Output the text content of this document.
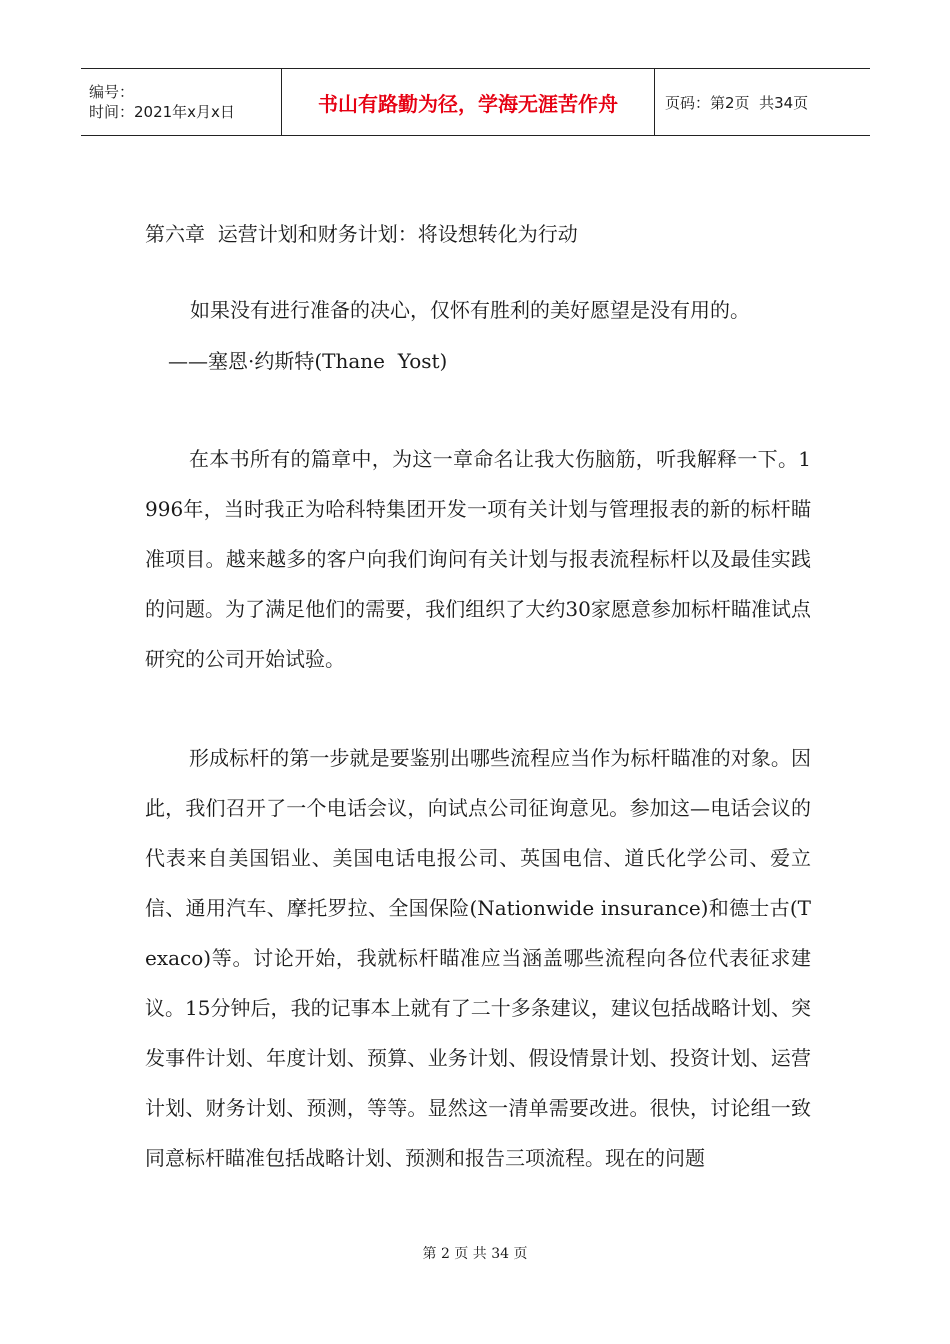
编号：
时间：2021年x月x日	书山有路勤为径，学海无涯苦作舟	页码：第2页  共34页
第六章  运营计划和财务计划：将设想转化为行动
如果没有进行准备的决心，仅怀有胜利的美好愿望是没有用的。
——塞恩·约斯特(Thane  Yost)

在本书所有的篇章中，为这一章命名让我大伤脑筋，听我解释一下。1996年，当时我正为哈科特集团开发一项有关计划与管理报表的新的标杆瞄准项目。越来越多的客户向我们询问有关计划与报表流程标杆以及最佳实践的问题。为了满足他们的需要，我们组织了大约30家愿意参加标杆瞄准试点研究的公司开始试验。

形成标杆的第一步就是要鉴别出哪些流程应当作为标杆瞄准的对象。因此，我们召开了一个电话会议，向试点公司征询意见。参加这—电话会议的代表来自美国铝业、美国电话电报公司、英国电信、道氏化学公司、爱立信、通用汽车、摩托罗拉、全国保险(Nationwide insurance)和德士古(Texaco)等。讨论开始，我就标杆瞄准应当涵盖哪些流程向各位代表征求建议。15分钟后，我的记事本上就有了二十多条建议，建议包括战略计划、突发事件计划、年度计划、预算、业务计划、假设情景计划、投资计划、运营计划、财务计划、预测，等等。显然这一清单需要改进。很快，讨论组一致同意标杆瞄准包括战略计划、预测和报告三项流程。现在的问题

第 2 页 共 34 页
